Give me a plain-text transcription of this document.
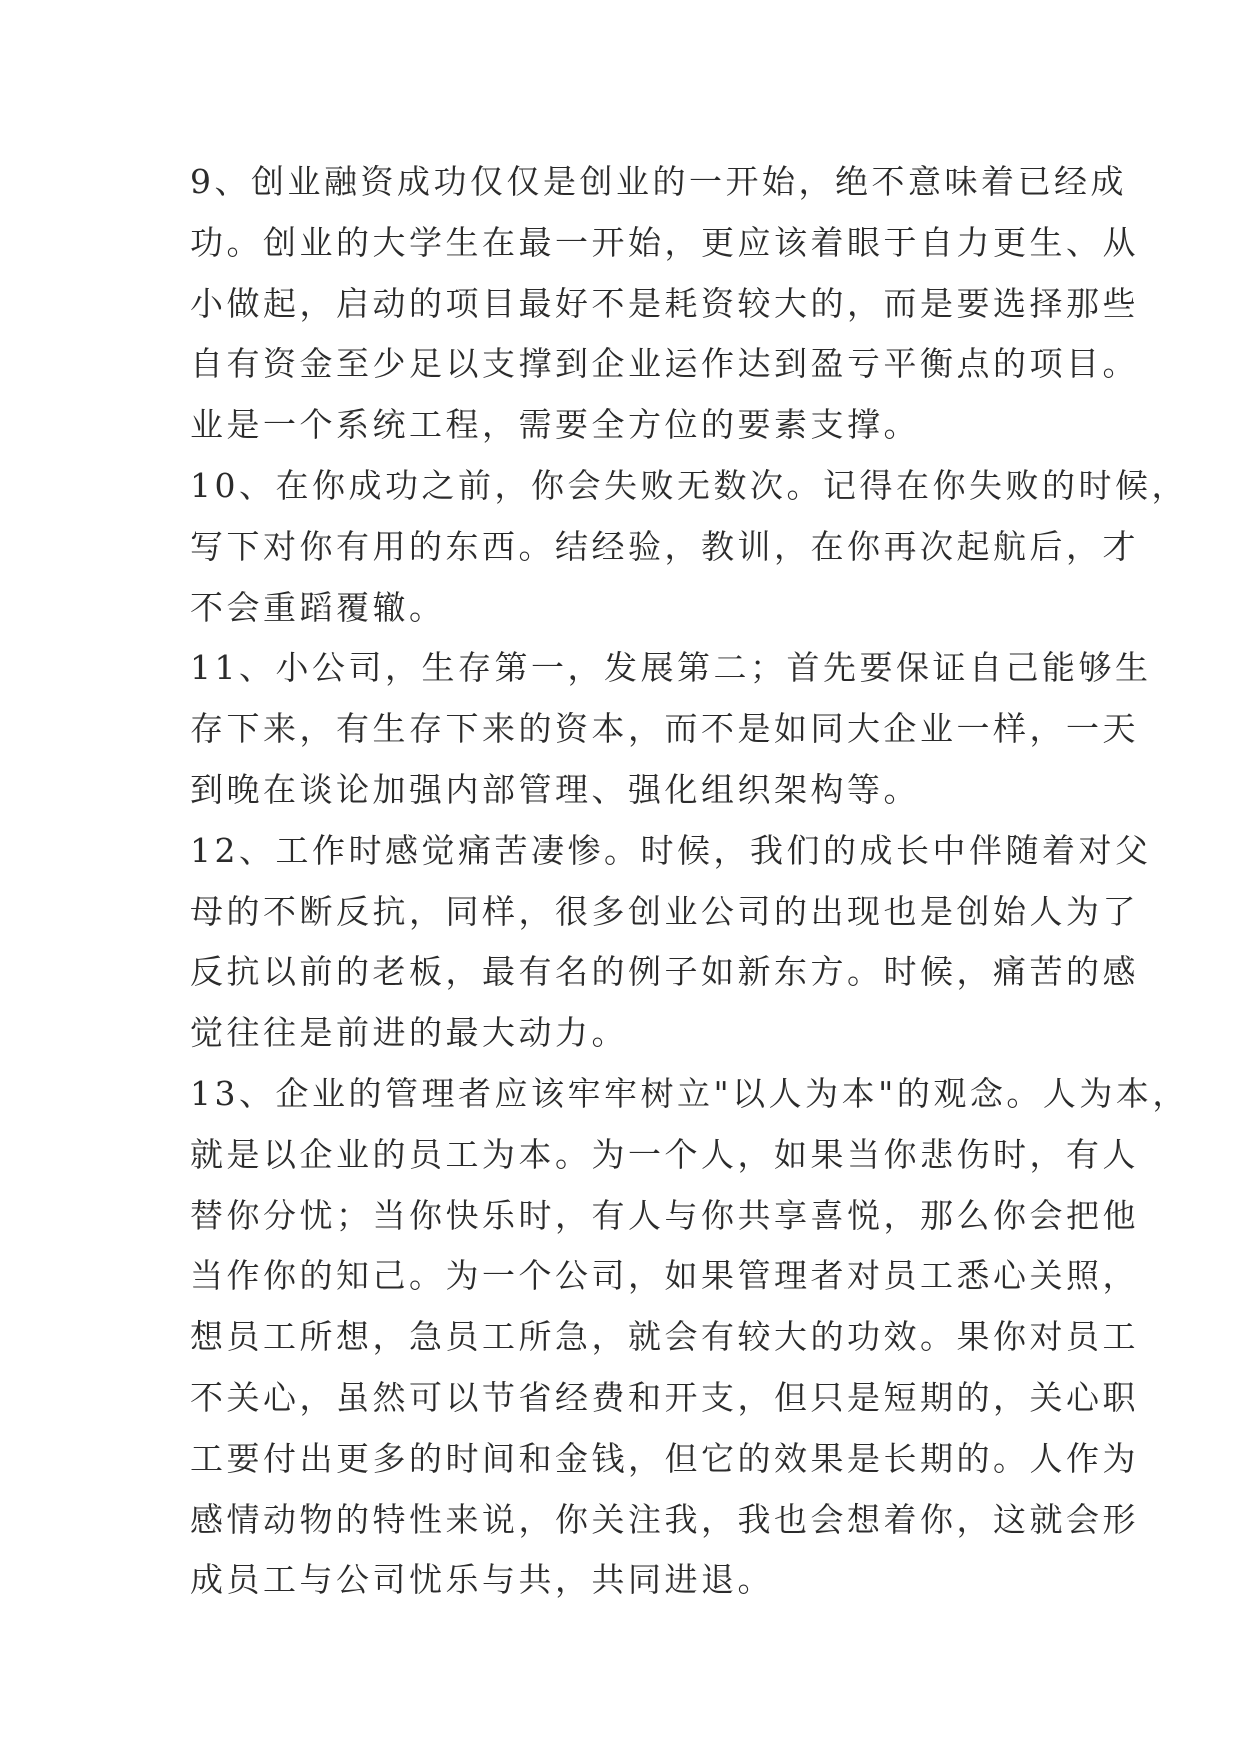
9、创业融资成功仅仅是创业的一开始，绝不意味着已经成
功。创业的大学生在最一开始，更应该着眼于自力更生、从
小做起，启动的项目最好不是耗资较大的，而是要选择那些
自有资金至少足以支撑到企业运作达到盈亏平衡点的项目。
业是一个系统工程，需要全方位的要素支撑。
10、在你成功之前，你会失败无数次。记得在你失败的时候，
写下对你有用的东西。结经验，教训，在你再次起航后，才
不会重蹈覆辙。
11、小公司，生存第一，发展第二；首先要保证自己能够生
存下来，有生存下来的资本，而不是如同大企业一样，一天
到晚在谈论加强内部管理、强化组织架构等。
12、工作时感觉痛苦凄惨。时候，我们的成长中伴随着对父
母的不断反抗，同样，很多创业公司的出现也是创始人为了
反抗以前的老板，最有名的例子如新东方。时候，痛苦的感
觉往往是前进的最大动力。
13、企业的管理者应该牢牢树立"以人为本"的观念。人为本，
就是以企业的员工为本。为一个人，如果当你悲伤时，有人
替你分忧；当你快乐时，有人与你共享喜悦，那么你会把他
当作你的知己。为一个公司，如果管理者对员工悉心关照，
想员工所想，急员工所急，就会有较大的功效。果你对员工
不关心，虽然可以节省经费和开支，但只是短期的，关心职
工要付出更多的时间和金钱，但它的效果是长期的。人作为
感情动物的特性来说，你关注我，我也会想着你，这就会形
成员工与公司忧乐与共，共同进退。
